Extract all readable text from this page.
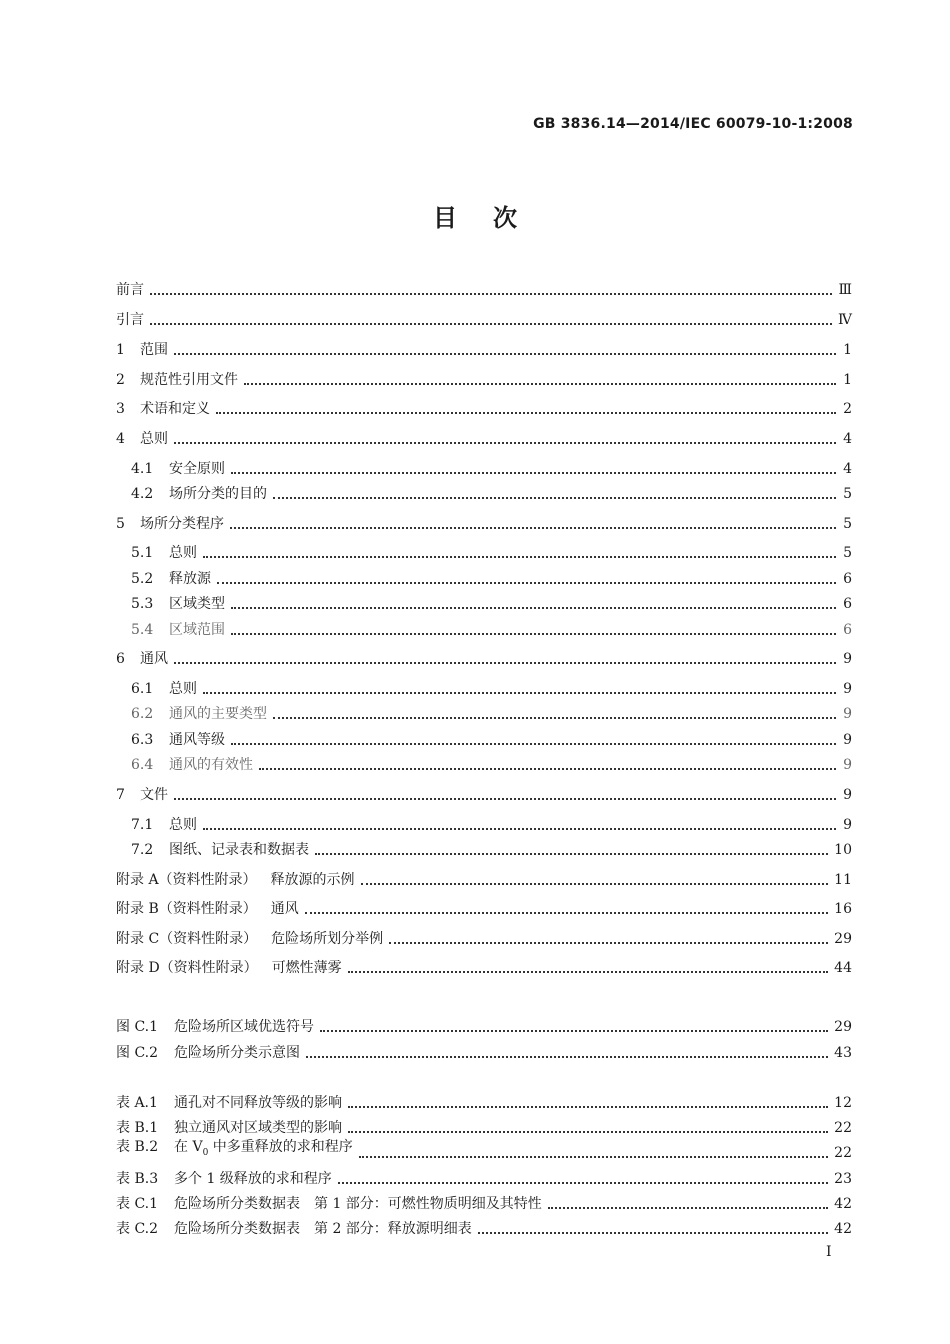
GB 3836.14—2014/IEC 60079-10-1:2008
目次
前言	Ⅲ
引言	Ⅳ
1 范围	1
2 规范性引用文件	1
3 术语和定义	2
4 总则	4
4.1 安全原则	4
4.2 场所分类的目的	5
5 场所分类程序	5
5.1 总则	5
5.2 释放源	6
5.3 区域类型	6
5.4 区域范围	6
6 通风	9
6.1 总则	9
6.2 通风的主要类型	9
6.3 通风等级	9
6.4 通风的有效性	9
7 文件	9
7.1 总则	9
7.2 图纸、记录表和数据表	10
附录 A（资料性附录）　 释放源的示例	11
附录 B（资料性附录）　 通风	16
附录 C（资料性附录）　 危险场所划分举例	29
附录 D（资料性附录）　 可燃性薄雾	44
图 C.1 危险场所区域优选符号	29
图 C.2 危险场所分类示意图	43
表 A.1 通孔对不同释放等级的影响	12
表 B.1 独立通风对区域类型的影响	22
表 B.2 在 $V_0$ 中多重释放的求和程序	22
表 B.3 多个 1 级释放的求和程序	23
表 C.1 危险场所分类数据表　第 1 部分：可燃性物质明细及其特性	42
表 C.2 危险场所分类数据表　第 2 部分：释放源明细表	42
I
